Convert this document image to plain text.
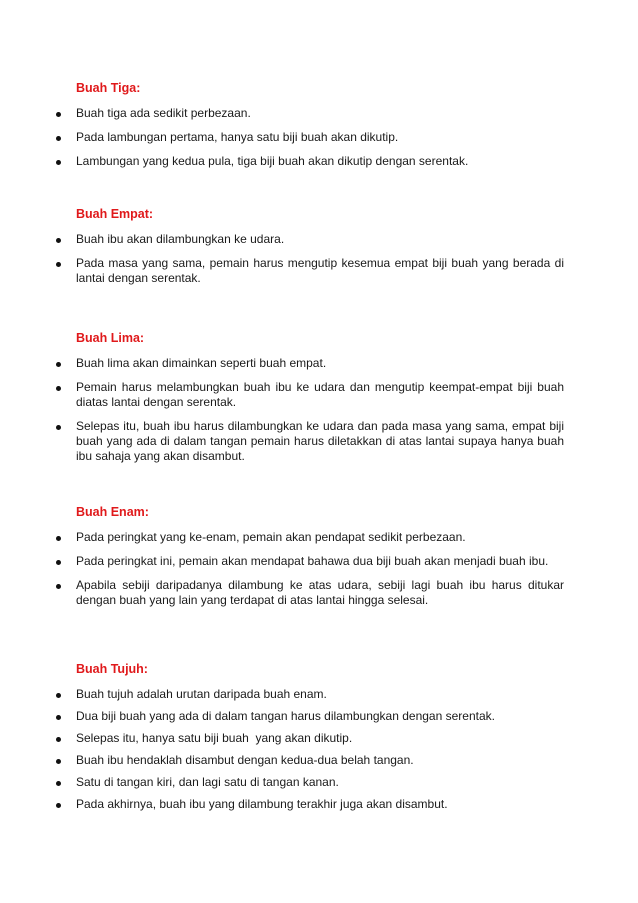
Buah Tiga:
Buah tiga ada sedikit perbezaan.
Pada lambungan pertama, hanya satu biji buah akan dikutip.
Lambungan yang kedua pula, tiga biji buah akan dikutip dengan serentak.
Buah Empat:
Buah ibu akan dilambungkan ke udara.
Pada masa yang sama, pemain harus mengutip kesemua empat biji buah yang berada di lantai dengan serentak.
Buah Lima:
Buah lima akan dimainkan seperti buah empat.
Pemain harus melambungkan buah ibu ke udara dan mengutip keempat-empat biji buah diatas lantai dengan serentak.
Selepas itu, buah ibu harus dilambungkan ke udara dan pada masa yang sama, empat biji buah yang ada di dalam tangan pemain harus diletakkan di atas lantai supaya hanya buah ibu sahaja yang akan disambut.
Buah Enam:
Pada peringkat yang ke-enam, pemain akan pendapat sedikit perbezaan.
Pada peringkat ini, pemain akan mendapat bahawa dua biji buah akan menjadi buah ibu.
Apabila sebiji daripadanya dilambung ke atas udara, sebiji lagi buah ibu harus ditukar dengan buah yang lain yang terdapat di atas lantai hingga selesai.
Buah Tujuh:
Buah tujuh adalah urutan daripada buah enam.
Dua biji buah yang ada di dalam tangan harus dilambungkan dengan serentak.
Selepas itu, hanya satu biji buah  yang akan dikutip.
Buah ibu hendaklah disambut dengan kedua-dua belah tangan.
Satu di tangan kiri, dan lagi satu di tangan kanan.
Pada akhirnya, buah ibu yang dilambung terakhir juga akan disambut.
